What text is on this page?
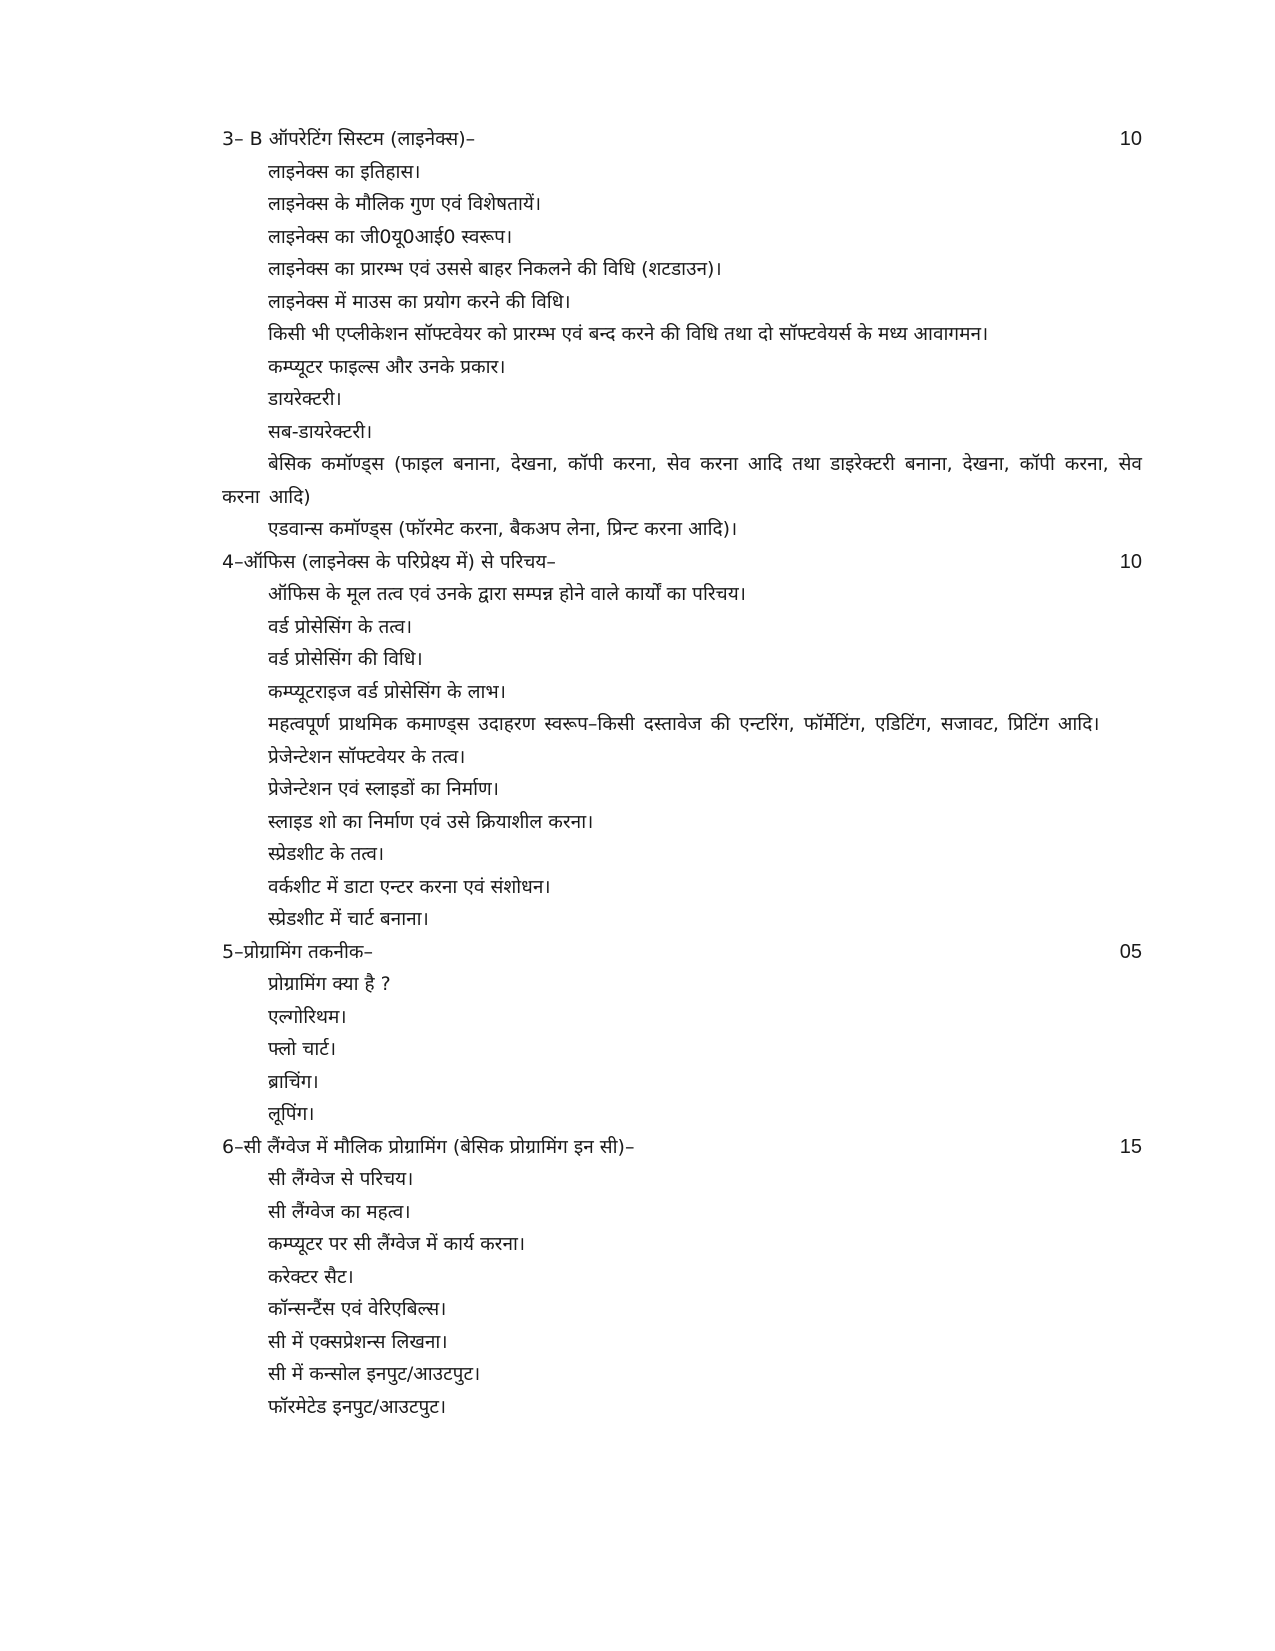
3– B ऑपरेटिंग सिस्टम (लाइनेक्स)–	10
लाइनेक्स का इतिहास।
लाइनेक्स के मौलिक गुण एवं विशेषतायें।
लाइनेक्स का जी0यू0आई0 स्वरूप।
लाइनेक्स का प्रारम्भ एवं उससे बाहर निकलने की विधि (शटडाउन)।
लाइनेक्स में माउस का प्रयोग करने की विधि।
किसी भी एप्लीकेशन सॉफ्टवेयर को प्रारम्भ एवं बन्द करने की विधि तथा दो सॉफ्टवेयर्स के मध्य आवागमन।
कम्प्यूटर फाइल्स और उनके प्रकार।
डायरेक्टरी।
सब-डायरेक्टरी।
बेसिक कमॉण्ड्स (फाइल बनाना, देखना, कॉपी करना, सेव करना आदि तथा डाइरेक्टरी बनाना, देखना, कॉपी करना, सेव करना आदि)
एडवान्स कमॉण्ड्स (फॉरमेट करना, बैकअप लेना, प्रिन्ट करना आदि)।
4–ऑफिस (लाइनेक्स के परिप्रेक्ष्य में) से परिचय–	10
ऑफिस के मूल तत्व एवं उनके द्वारा सम्पन्न होने वाले कार्यों का परिचय।
वर्ड प्रोसेसिंग के तत्व।
वर्ड प्रोसेसिंग की विधि।
कम्प्यूटराइज वर्ड प्रोसेसिंग के लाभ।
महत्वपूर्ण प्राथमिक कमाण्ड्स उदाहरण स्वरूप–किसी दस्तावेज की एन्टरिंग, फॉर्मेटिंग, एडिटिंग, सजावट, प्रिटिंग आदि।
प्रेजेन्टेशन सॉफ्टवेयर के तत्व।
प्रेजेन्टेशन एवं स्लाइडों का निर्माण।
स्लाइड शो का निर्माण एवं उसे क्रियाशील करना।
स्प्रेडशीट के तत्व।
वर्कशीट में डाटा एन्टर करना एवं संशोधन।
स्प्रेडशीट में चार्ट बनाना।
5–प्रोग्रामिंग तकनीक–	05
प्रोग्रामिंग क्या है ?
एल्गोरिथम।
फ्लो चार्ट।
ब्राचिंग।
लूपिंग।
6–सी लैंग्वेज में मौलिक प्रोग्रामिंग (बेसिक प्रोग्रामिंग इन सी)–	15
सी लैंग्वेज से परिचय।
सी लैंग्वेज का महत्व।
कम्प्यूटर पर सी लैंग्वेज में कार्य करना।
करेक्टर सैट।
कॉन्सन्टैंस एवं वेरिएबिल्स।
सी में एक्सप्रेशन्स लिखना।
सी में कन्सोल इनपुट/आउटपुट।
फॉरमेटेड इनपुट/आउटपुट।
